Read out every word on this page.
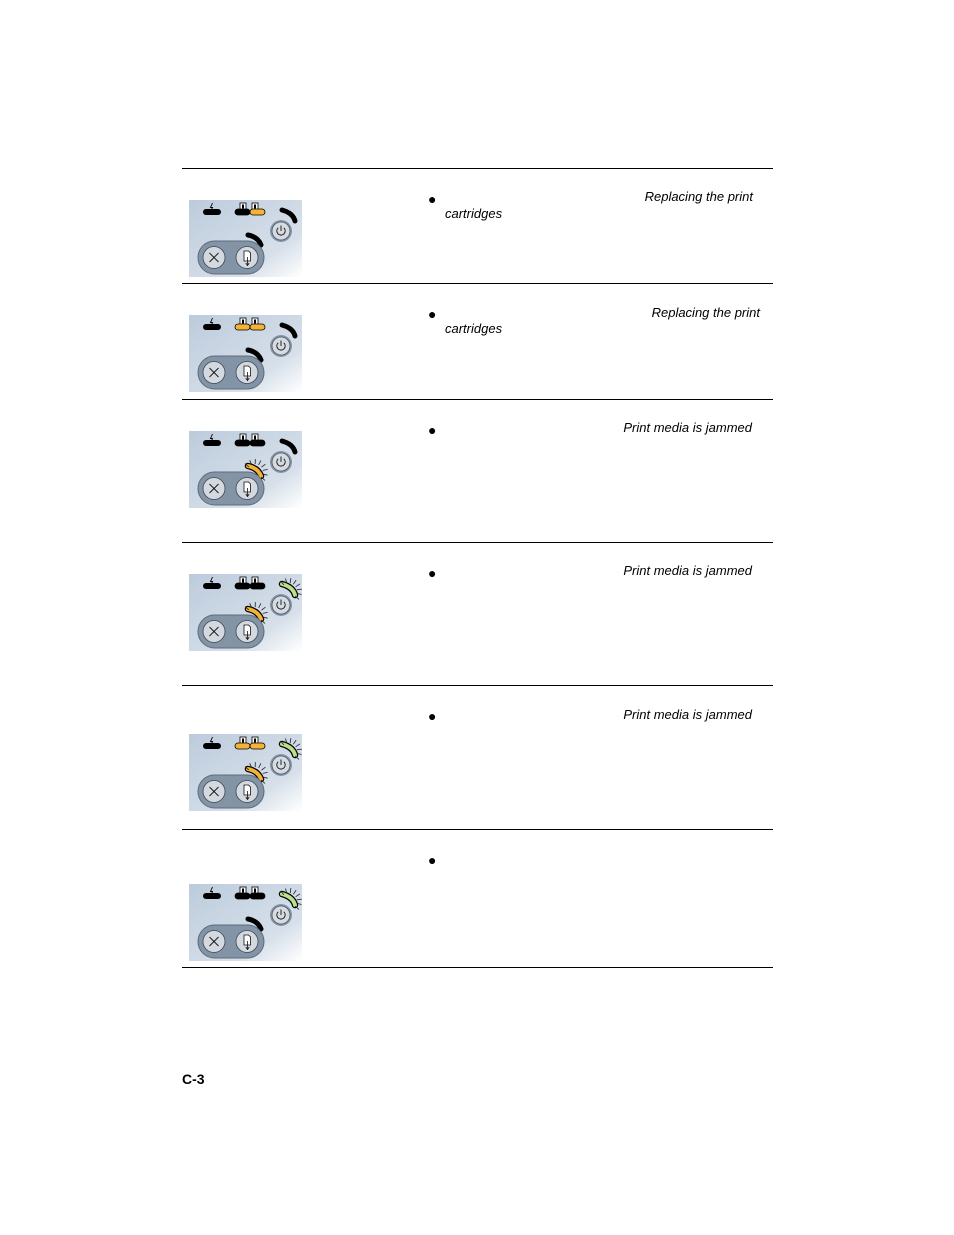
●	Replacing the print
cartridges
●	Replacing the print
cartridges
●	Print media is jammed
●	Print media is jammed
●	Print media is jammed
●
C-3
